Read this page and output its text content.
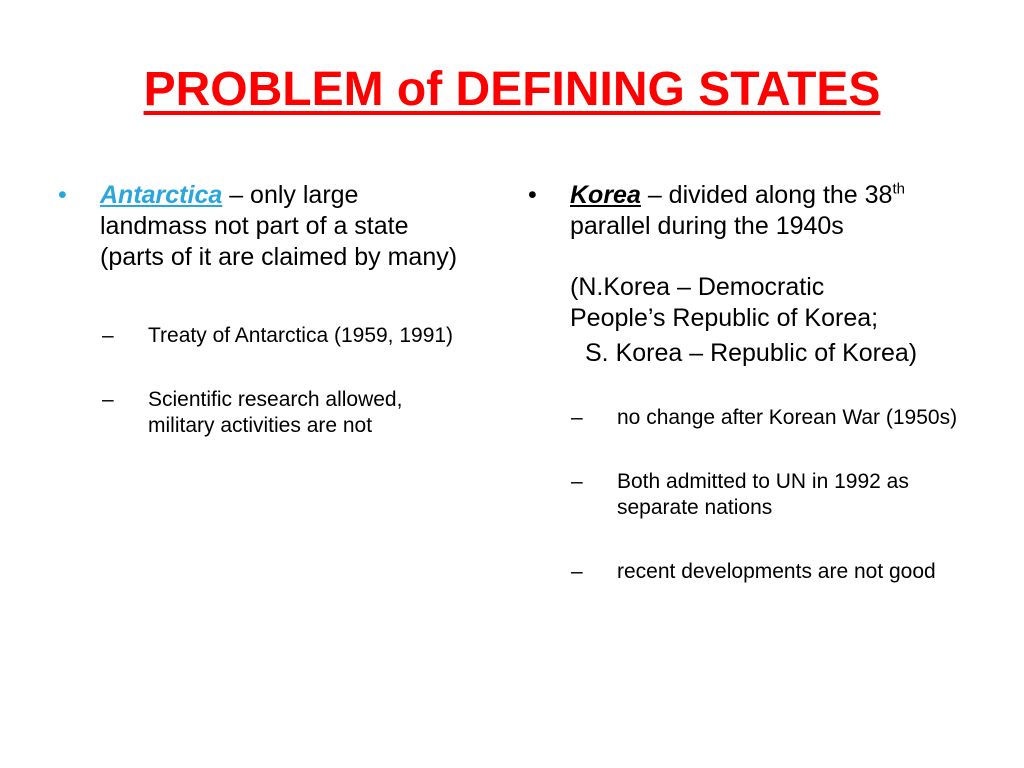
PROBLEM of DEFINING STATES
• Antarctica – only large landmass not part of a state (parts of it are claimed by many)
– Treaty of Antarctica (1959, 1991)
– Scientific research allowed, military activities are not
• Korea – divided along the 38th parallel during the 1940s
(N.Korea – Democratic People’s Republic of Korea;
S. Korea – Republic of Korea)
– no change after Korean War (1950s)
– Both admitted to UN in 1992 as separate nations
– recent developments are not good
